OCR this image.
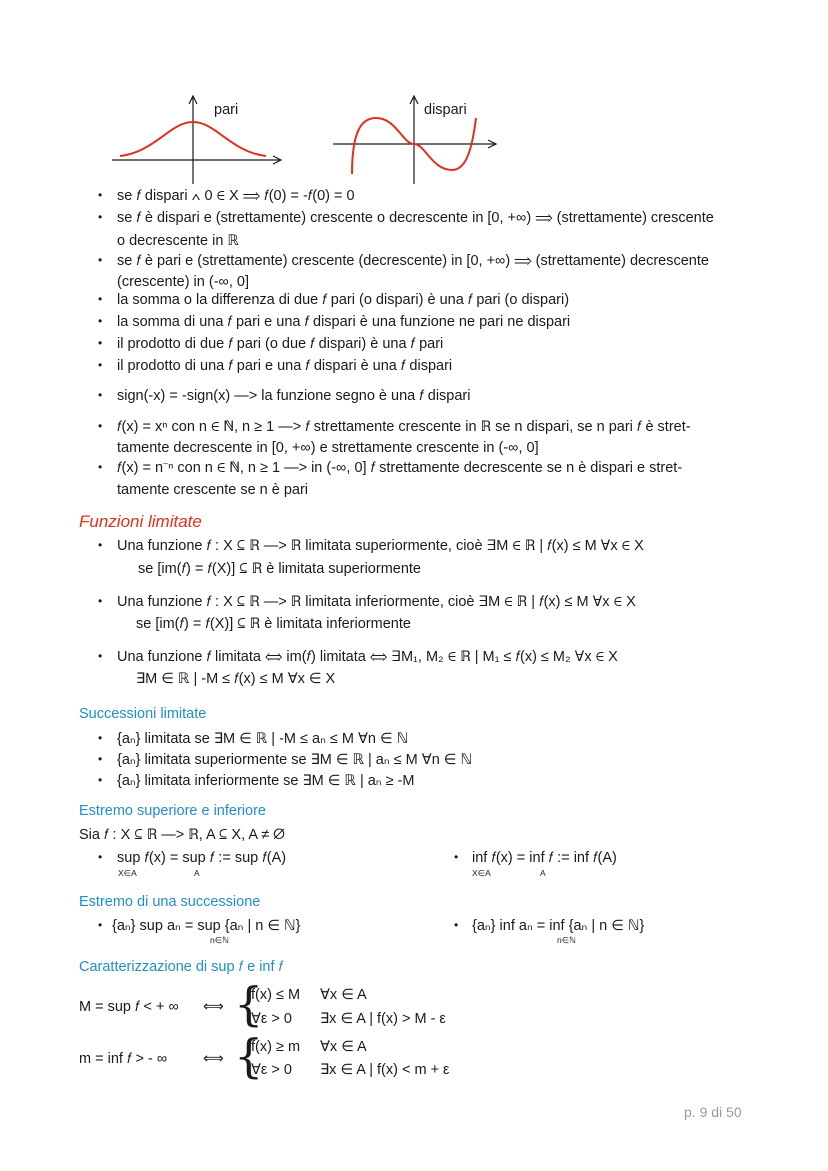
pari	dispari
• se 𝑓 dispari ∧ 0 ∈ X ⟹ 𝑓(0) = -𝑓(0) = 0
• se 𝑓 è dispari e (strettamente) crescente o decrescente in [0, +∞) ⟹ (strettamente) crescente
o decrescente in ℝ
• se 𝑓 è pari e (strettamente) crescente (decrescente) in [0, +∞) ⟹ (strettamente) decrescente
(crescente) in (-∞, 0]
• la somma o la differenza di due 𝑓 pari (o dispari) è una 𝑓 pari (o dispari)
• la somma di una 𝑓 pari e una 𝑓 dispari è una funzione ne pari ne dispari
• il prodotto di due 𝑓 pari (o due 𝑓 dispari) è una 𝑓 pari
• il prodotto di una 𝑓 pari e una 𝑓 dispari è una 𝑓 dispari
• sign(-x) = -sign(x) —> la funzione segno è una 𝑓 dispari
• 𝑓(x) = xⁿ con n ∈ ℕ, n ≥ 1 —> 𝑓 strettamente crescente in ℝ se n dispari, se n pari 𝑓 è stret-
tamente decrescente in [0, +∞) e strettamente crescente in (-∞, 0]
• 𝑓(x) = n⁻ⁿ con n ∈ ℕ, n ≥ 1 —> in (-∞, 0] 𝑓 strettamente decrescente se n è dispari e stret-
tamente crescente se n è pari
Funzioni limitate
• Una funzione 𝑓 : X ⊆ ℝ —> ℝ limitata superiormente, cioè ∃M ∈ ℝ | 𝑓(x) ≤ M ∀x ∈ X
se [im(𝑓) = 𝑓(X)] ⊆ ℝ è limitata superiormente
• Una funzione 𝑓 : X ⊆ ℝ —> ℝ limitata inferiormente, cioè ∃M ∈ ℝ | 𝑓(x) ≤ M ∀x ∈ X
se [im(𝑓) = 𝑓(X)] ⊆ ℝ è limitata inferiormente
• Una funzione 𝑓 limitata ⟺ im(𝑓) limitata ⟺ ∃M₁, M₂ ∈ ℝ | M₁ ≤ 𝑓(x) ≤ M₂ ∀x ∈ X
∃M ∈ ℝ | -M ≤ 𝑓(x) ≤ M ∀x ∈ X
Successioni limitate
• {aₙ} limitata se ∃M ∈ ℝ | -M ≤ aₙ ≤ M ∀n ∈ ℕ
• {aₙ} limitata superiormente se ∃M ∈ ℝ | aₙ ≤ M ∀n ∈ ℕ
• {aₙ} limitata inferiormente se ∃M ∈ ℝ | aₙ ≥ -M
Estremo superiore e inferiore
Sia 𝑓 : X ⊆ ℝ —> ℝ, A ⊆ X, A ≠ ∅
• sup 𝑓(x) = sup 𝑓 := sup 𝑓(A)
X∈A	A
• inf 𝑓(x) = inf 𝑓 := inf 𝑓(A)
X∈A	A
Estremo di una successione
• {aₙ} sup aₙ = sup {aₙ | n ∈ ℕ}
n∈ℕ
• {aₙ} inf aₙ = inf {aₙ | n ∈ ℕ}
n∈ℕ
Caratterizzazione di sup 𝑓 e inf 𝑓
M = sup 𝑓 < + ∞ ⟺ {
f(x) ≤ M ∀x ∈ A
∀ε > 0 ∃x ∈ A | f(x) > M - ε
m = inf 𝑓 > - ∞ ⟺ {
f(x) ≥ m ∀x ∈ A
∀ε > 0 ∃x ∈ A | f(x) < m + ε
p. 9 di 50
